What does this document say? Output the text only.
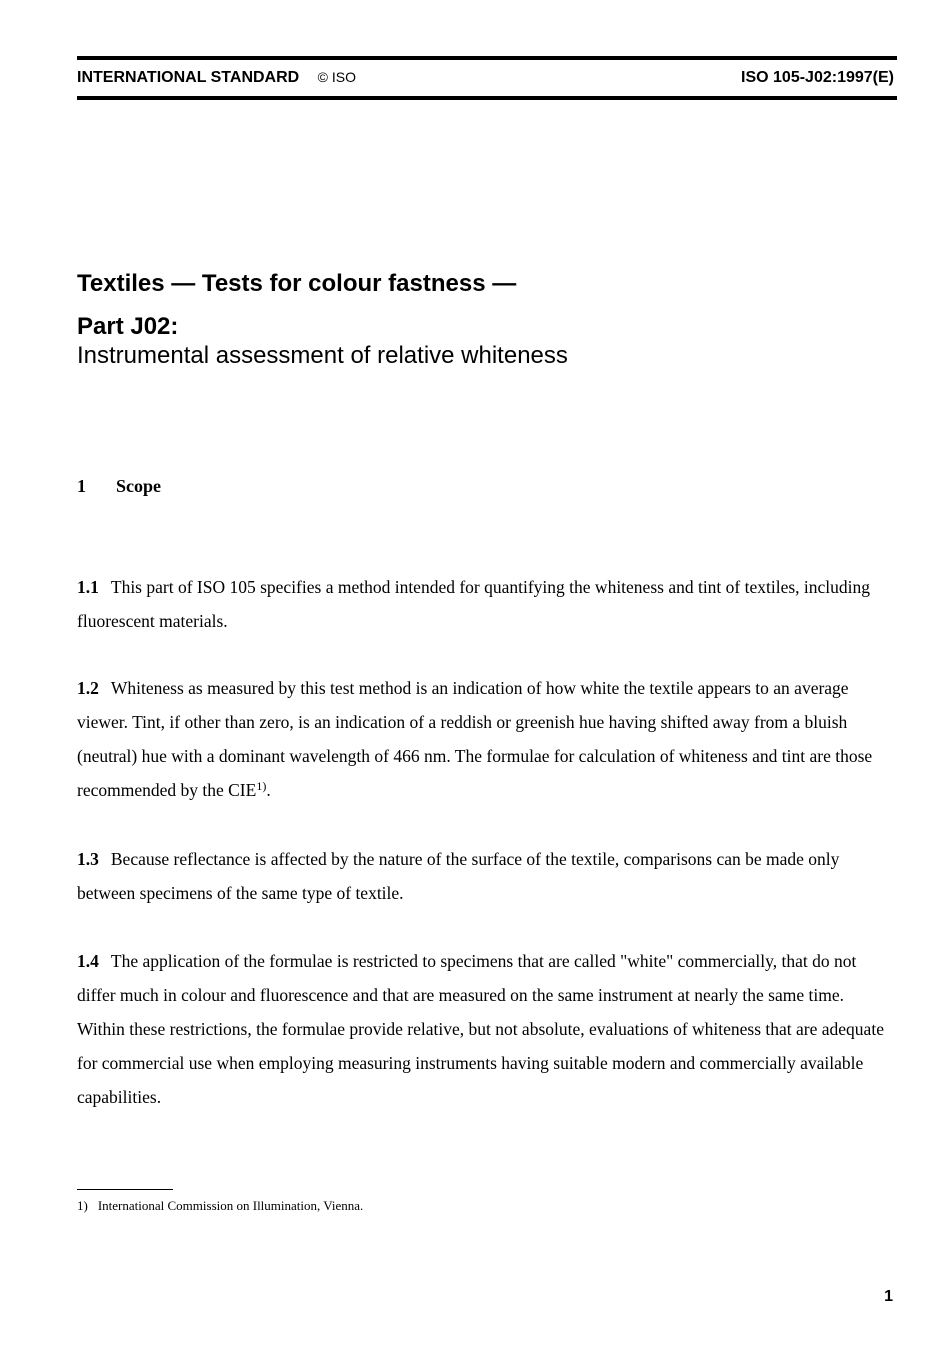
INTERNATIONAL STANDARD © ISO	ISO 105-J02:1997(E)
Textiles — Tests for colour fastness —
Part J02:
Instrumental assessment of relative whiteness
1 Scope
1.1 This part of ISO 105 specifies a method intended for quantifying the whiteness and tint of textiles, including fluorescent materials.
1.2 Whiteness as measured by this test method is an indication of how white the textile appears to an average viewer. Tint, if other than zero, is an indication of a reddish or greenish hue having shifted away from a bluish (neutral) hue with a dominant wavelength of 466 nm. The formulae for calculation of whiteness and tint are those recommended by the CIE$^{1)}$.
1.3 Because reflectance is affected by the nature of the surface of the textile, comparisons can be made only between specimens of the same type of textile.
1.4 The application of the formulae is restricted to specimens that are called "white" commercially, that do not differ much in colour and fluorescence and that are measured on the same instrument at nearly the same time. Within these restrictions, the formulae provide relative, but not absolute, evaluations of whiteness that are adequate for commercial use when employing measuring instruments having suitable modern and commercially available capabilities.
1) International Commission on Illumination, Vienna.
1
